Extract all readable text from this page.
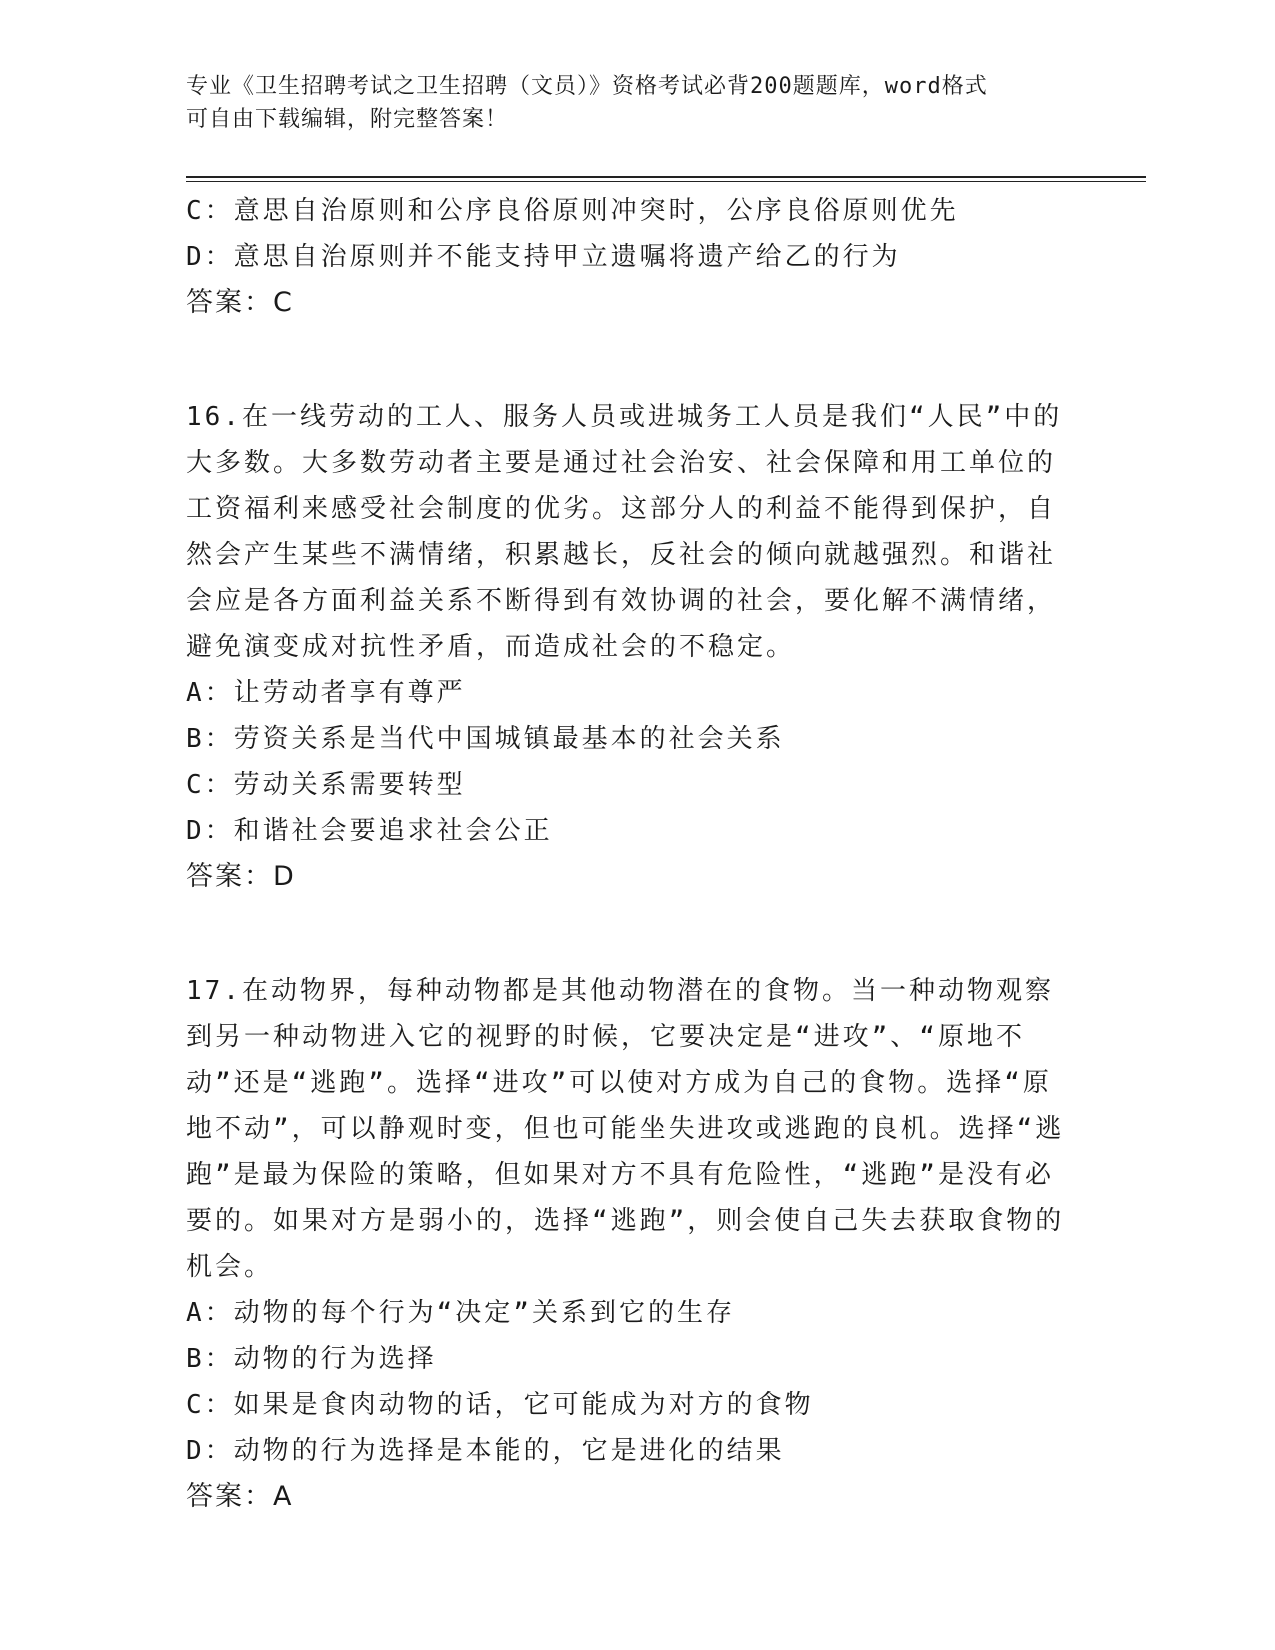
专业《卫生招聘考试之卫生招聘（文员）》资格考试必背200题题库，word格式
可自由下载编辑，附完整答案！
C：意思自治原则和公序良俗原则冲突时，公序良俗原则优先
D：意思自治原则并不能支持甲立遗嘱将遗产给乙的行为
答案：C
16.在一线劳动的工人、服务人员或进城务工人员是我们“人民”中的大多数。大多数劳动者主要是通过社会治安、社会保障和用工单位的工资福利来感受社会制度的优劣。这部分人的利益不能得到保护，自然会产生某些不满情绪，积累越长，反社会的倾向就越强烈。和谐社会应是各方面利益关系不断得到有效协调的社会，要化解不满情绪，避免演变成对抗性矛盾，而造成社会的不稳定。
A：让劳动者享有尊严
B：劳资关系是当代中国城镇最基本的社会关系
C：劳动关系需要转型
D：和谐社会要追求社会公正
答案：D
17.在动物界，每种动物都是其他动物潜在的食物。当一种动物观察到另一种动物进入它的视野的时候，它要决定是“进攻”、“原地不动”还是“逃跑”。选择“进攻”可以使对方成为自己的食物。选择“原地不动”，可以静观时变，但也可能坐失进攻或逃跑的良机。选择“逃跑”是最为保险的策略，但如果对方不具有危险性，“逃跑”是没有必要的。如果对方是弱小的，选择“逃跑”，则会使自己失去获取食物的机会。
A：动物的每个行为“决定”关系到它的生存
B：动物的行为选择
C：如果是食肉动物的话，它可能成为对方的食物
D：动物的行为选择是本能的，它是进化的结果
答案：A
